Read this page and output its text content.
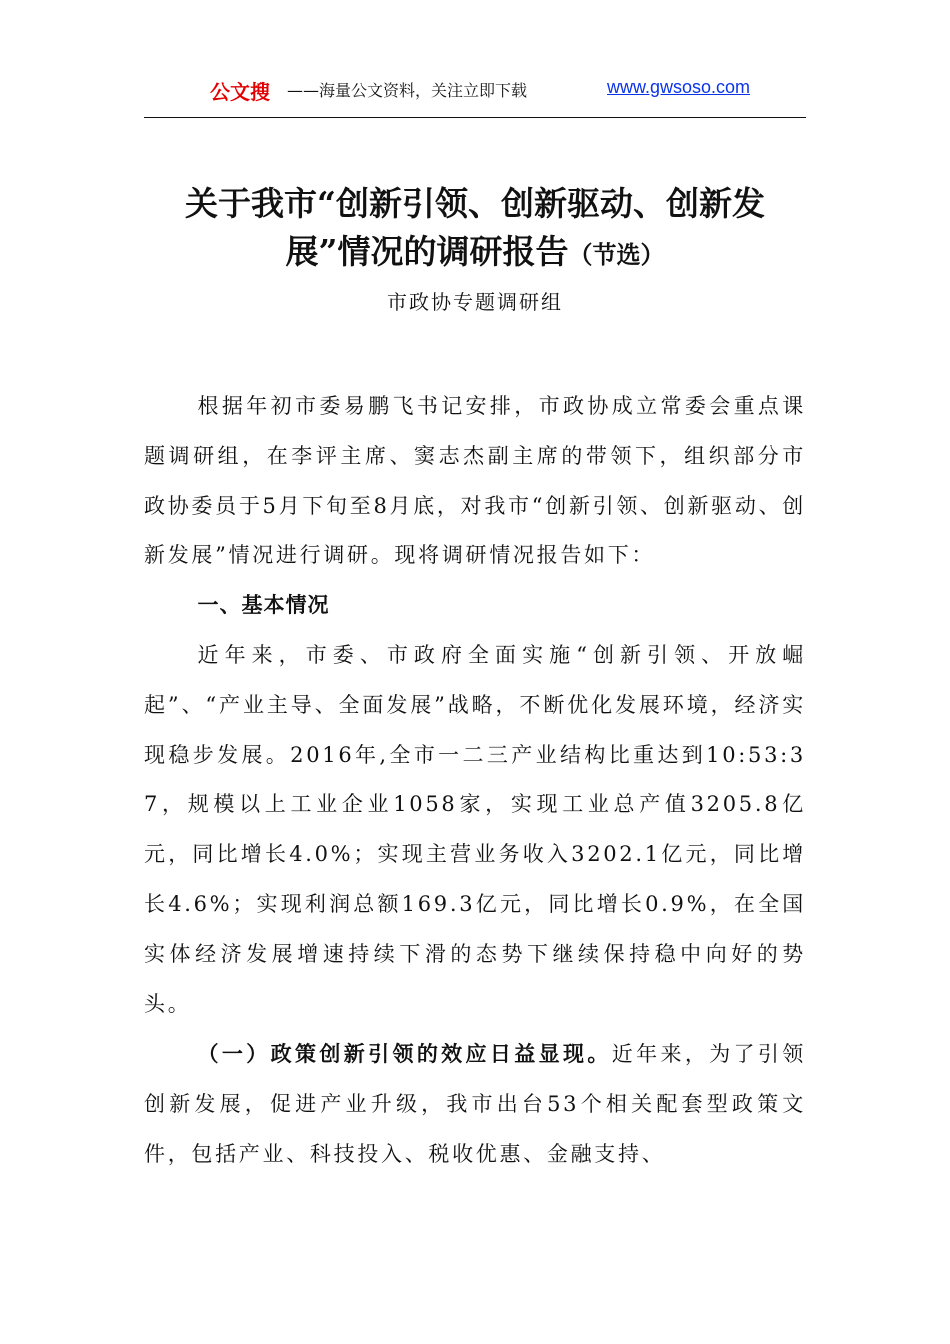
公文搜 ——海量公文资料，关注立即下载	www.gwsoso.com
关于我市“创新引领、创新驱动、创新发展”情况的调研报告（节选）
市政协专题调研组

根据年初市委易鹏飞书记安排，市政协成立常委会重点课题调研组，在李评主席、窦志杰副主席的带领下，组织部分市政协委员于5月下旬至8月底，对我市“创新引领、创新驱动、创新发展”情况进行调研。现将调研情况报告如下：

一、基本情况

近年来，市委、市政府全面实施“创新引领、开放崛起”、“产业主导、全面发展”战略，不断优化发展环境，经济实现稳步发展。2016年,全市一二三产业结构比重达到10:53:37，规模以上工业企业1058家，实现工业总产值3205.8亿元，同比增长4.0%；实现主营业务收入3202.1亿元，同比增长4.6%；实现利润总额169.3亿元，同比增长0.9%，在全国实体经济发展增速持续下滑的态势下继续保持稳中向好的势头。

（一）政策创新引领的效应日益显现。近年来，为了引领创新发展，促进产业升级，我市出台53个相关配套型政策文件，包括产业、科技投入、税收优惠、金融支持、
